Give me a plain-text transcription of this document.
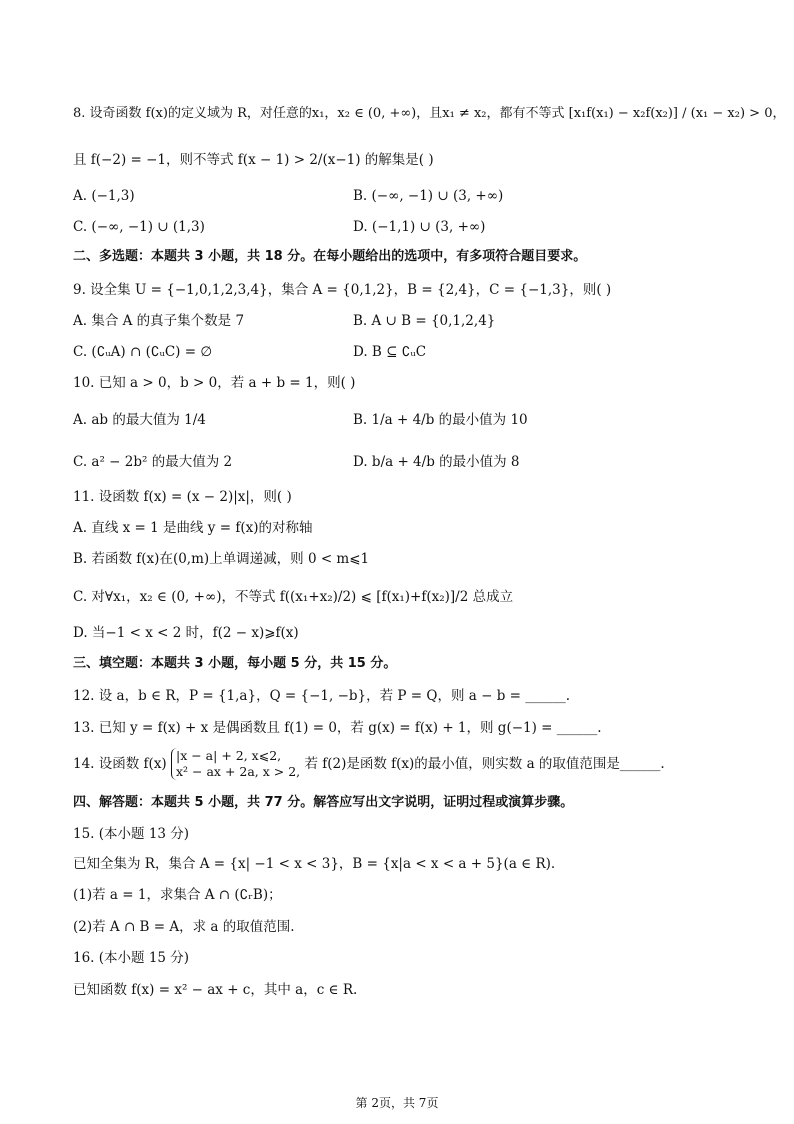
8. 设奇函数 f(x)的定义域为 R，对任意的x₁，x₂ ∈ (0, +∞)，且x₁ ≠ x₂，都有不等式 [x₁f(x₁) − x₂f(x₂)] / (x₁ − x₂) > 0，
且 f(−2) = −1，则不等式 f(x − 1) > 2/(x−1) 的解集是( )
A. (−1,3)	B. (−∞, −1) ∪ (3, +∞)
C. (−∞, −1) ∪ (1,3)	D. (−1,1) ∪ (3, +∞)
二、多选题：本题共 3 小题，共 18 分。在每小题给出的选项中，有多项符合题目要求。
9. 设全集 U = {−1,0,1,2,3,4}，集合 A = {0,1,2}，B = {2,4}，C = {−1,3}，则( )
A. 集合 A 的真子集个数是 7	B. A ∪ B = {0,1,2,4}
C. (∁ᵤA) ∩ (∁ᵤC) = ∅	D. B ⊆ ∁ᵤC
10. 已知 a > 0，b > 0，若 a + b = 1，则( )
A. ab 的最大值为 1/4	B. 1/a + 4/b 的最小值为 10
C. a² − 2b² 的最大值为 2	D. b/a + 4/b 的最小值为 8
11. 设函数 f(x) = (x − 2)|x|，则( )
A. 直线 x = 1 是曲线 y = f(x)的对称轴
B. 若函数 f(x)在(0,m)上单调递减，则 0 < m⩽1
C. 对∀x₁，x₂ ∈ (0, +∞)，不等式 f((x₁+x₂)/2) ⩽ [f(x₁)+f(x₂)]/2 总成立
D. 当−1 < x < 2 时，f(2 − x)⩾f(x)
三、填空题：本题共 3 小题，每小题 5 分，共 15 分。
12. 设 a，b ∈ R，P = {1,a}，Q = {−1, −b}，若 P = Q，则 a − b = ______.
13. 已知 y = f(x) + x 是偶函数且 f(1) = 0，若 g(x) = f(x) + 1，则 g(−1) = ______.
14. 设函数 f(x)
|x − a| + 2, x⩽2,
x² − ax + 2a, x > 2, 若 f(2)是函数 f(x)的最小值，则实数 a 的取值范围是______.
四、解答题：本题共 5 小题，共 77 分。解答应写出文字说明，证明过程或演算步骤。
15. (本小题 13 分)
已知全集为 R，集合 A = {x| −1 < x < 3}，B = {x|a < x < a + 5}(a ∈ R).
(1)若 a = 1，求集合 A ∩ (∁ᵣB)；
(2)若 A ∩ B = A，求 a 的取值范围.
16. (本小题 15 分)
已知函数 f(x) = x² − ax + c，其中 a，c ∈ R.
第 2页，共 7页
